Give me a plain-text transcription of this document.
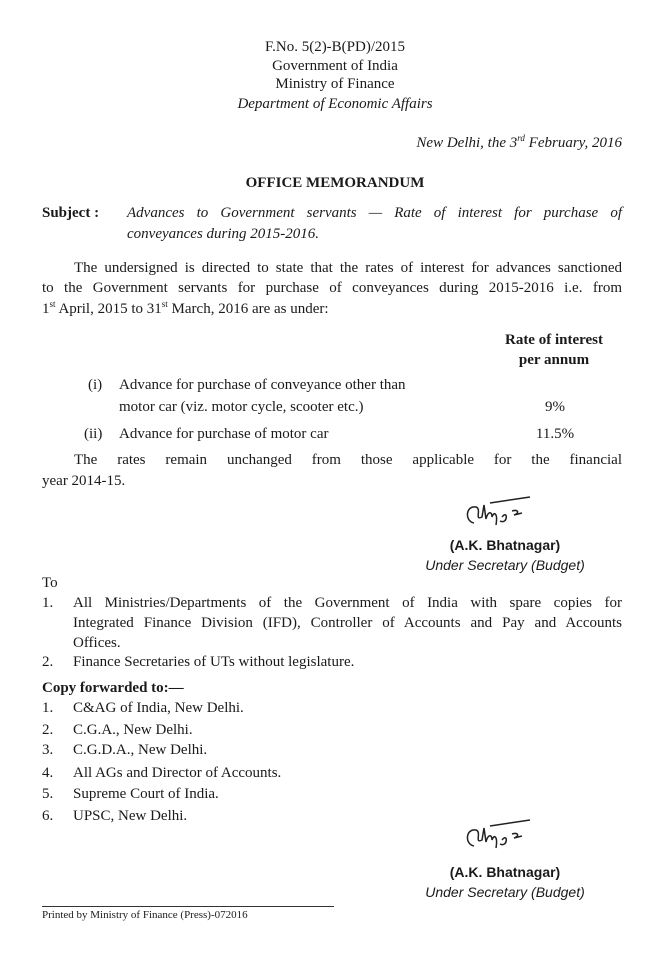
F.No. 5(2)-B(PD)/2015
Government of India
Ministry of Finance
Department of Economic Affairs
New Delhi, the 3rd February, 2016
OFFICE MEMORANDUM
Subject : Advances to Government servants — Rate of interest for purchase of
conveyances during 2015-2016.
The undersigned is directed to state that the rates of interest for advances sanctioned
to the Government servants for purchase of conveyances during 2015-2016 i.e. from
1st April, 2015 to 31st March, 2016 are as under:
Rate of interest
per annum
(i) Advance for purchase of conveyance other than
motor car (viz. motor cycle, scooter etc.)	9%
(ii) Advance for purchase of motor car	11.5%
The rates remain unchanged from those applicable for the financial
year 2014-15.
(A.K. Bhatnagar)
Under Secretary (Budget)
To
1. All Ministries/Departments of the Government of India with spare copies for
Integrated Finance Division (IFD), Controller of Accounts and Pay and Accounts
Offices.
2. Finance Secretaries of UTs without legislature.
Copy forwarded to:—
1. C&AG of India, New Delhi.
2. C.G.A., New Delhi.
3. C.G.D.A., New Delhi.
4. All AGs and Director of Accounts.
5. Supreme Court of India.
6. UPSC, New Delhi.
(A.K. Bhatnagar)
Under Secretary (Budget)
Printed by Ministry of Finance (Press)-072016
